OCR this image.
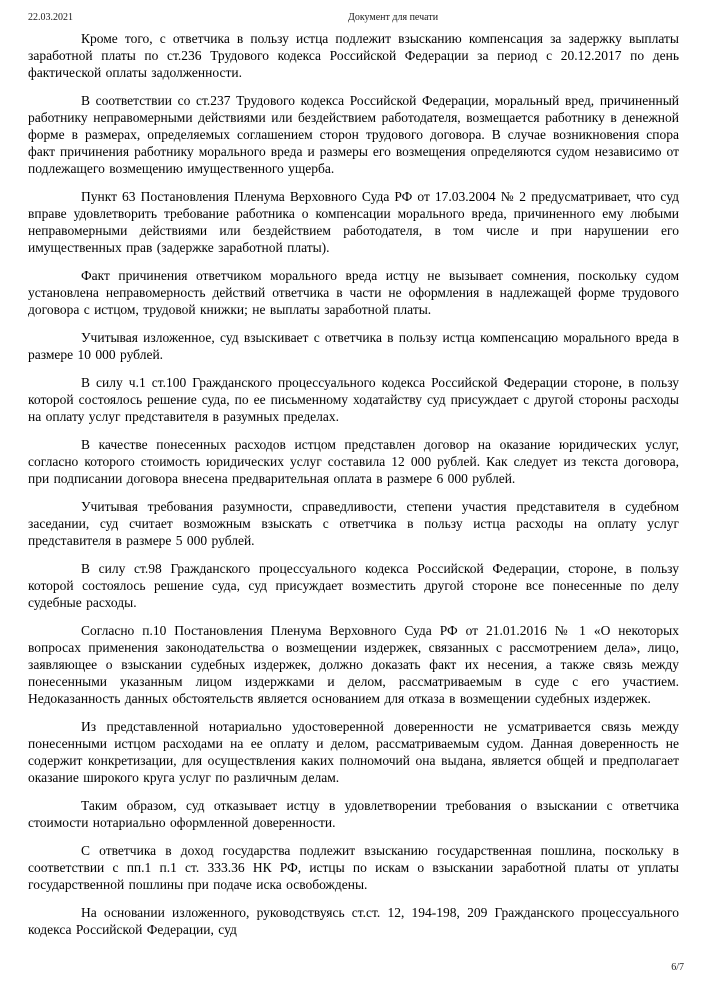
22.03.2021	Документ для печати

Кроме того, с ответчика в пользу истца подлежит взысканию компенсация за задержку выплаты заработной платы по ст.236 Трудового кодекса Российской Федерации за период с 20.12.2017 по день фактической оплаты задолженности.

В соответствии со ст.237 Трудового кодекса Российской Федерации, моральный вред, причиненный работнику неправомерными действиями или бездействием работодателя, возмещается работнику в денежной форме в размерах, определяемых соглашением сторон трудового договора. В случае возникновения спора факт причинения работнику морального вреда и размеры его возмещения определяются судом независимо от подлежащего возмещению имущественного ущерба.

Пункт 63 Постановления Пленума Верховного Суда РФ от 17.03.2004 № 2 предусматривает, что суд вправе удовлетворить требование работника о компенсации морального вреда, причиненного ему любыми неправомерными действиями или бездействием работодателя, в том числе и при нарушении его имущественных прав (задержке заработной платы).

Факт причинения ответчиком морального вреда истцу не вызывает сомнения, поскольку судом установлена неправомерность действий ответчика в части не оформления в надлежащей форме трудового договора с истцом, трудовой книжки; не выплаты заработной платы.

Учитывая изложенное, суд взыскивает с ответчика в пользу истца компенсацию морального вреда в размере 10 000 рублей.

В силу ч.1 ст.100 Гражданского процессуального кодекса Российской Федерации стороне, в пользу которой состоялось решение суда, по ее письменному ходатайству суд присуждает с другой стороны расходы на оплату услуг представителя в разумных пределах.

В качестве понесенных расходов истцом представлен договор на оказание юридических услуг, согласно которого стоимость юридических услуг составила 12 000 рублей. Как следует из текста договора, при подписании договора внесена предварительная оплата в размере 6 000 рублей.

Учитывая требования разумности, справедливости, степени участия представителя в судебном заседании, суд считает возможным взыскать с ответчика в пользу истца расходы на оплату услуг представителя в размере 5 000 рублей.

В силу ст.98 Гражданского процессуального кодекса Российской Федерации, стороне, в пользу которой состоялось решение суда, суд присуждает возместить другой стороне все понесенные по делу судебные расходы.

Согласно п.10 Постановления Пленума Верховного Суда РФ от 21.01.2016 № 1 «О некоторых вопросах применения законодательства о возмещении издержек, связанных с рассмотрением дела», лицо, заявляющее о взыскании судебных издержек, должно доказать факт их несения, а также связь между понесенными указанным лицом издержками и делом, рассматриваемым в суде с его участием. Недоказанность данных обстоятельств является основанием для отказа в возмещении судебных издержек.

Из представленной нотариально удостоверенной доверенности не усматривается связь между понесенными истцом расходами на ее оплату и делом, рассматриваемым судом. Данная доверенность не содержит конкретизации, для осуществления каких полномочий она выдана, является общей и предполагает оказание широкого круга услуг по различным делам.

Таким образом, суд отказывает истцу в удовлетворении требования о взыскании с ответчика стоимости нотариально оформленной доверенности.

С ответчика в доход государства подлежит взысканию государственная пошлина, поскольку в соответствии с пп.1 п.1 ст. 333.36 НК РФ, истцы по искам о взыскании заработной платы от уплаты государственной пошлины при подаче иска освобождены.

На основании изложенного, руководствуясь ст.ст. 12, 194-198, 209 Гражданского процессуального кодекса Российской Федерации, суд

6/7
